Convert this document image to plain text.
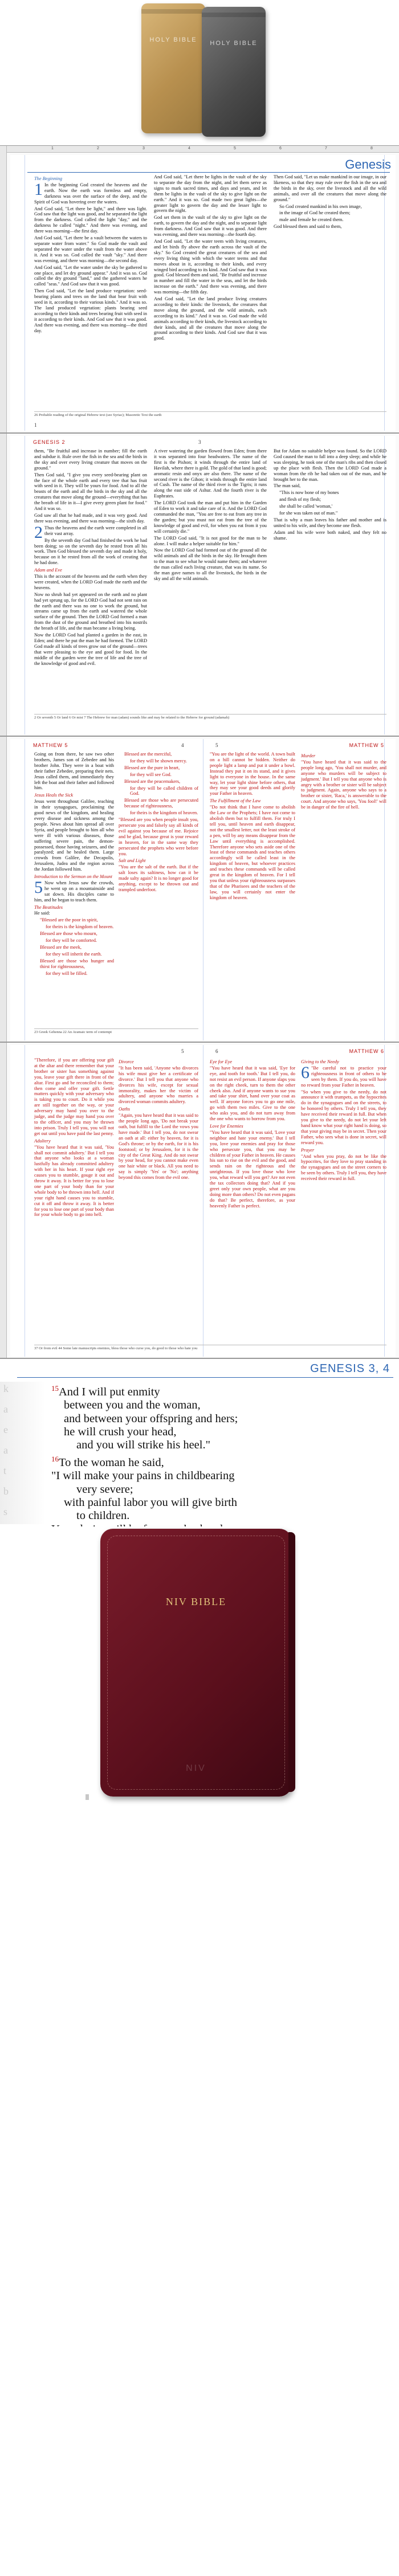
HOLY BIBLE	HOLY BIBLE
1	2	3	4	5	6	7	8
Genesis

The Beginning

1 In the beginning God created the heavens and the earth. Now the earth was formless and empty, darkness was over the surface of the deep, and the Spirit of God was hovering over the waters.

And God said, "Let there be light," and there was light. God saw that the light was good, and he separated the light from the darkness. God called the light "day," and the darkness he called "night." And there was evening, and there was morning—the first day.

And God said, "Let there be a vault between the waters to separate water from water." So God made the vault and separated the water under the vault from the water above it. And it was so. God called the vault "sky." And there was evening, and there was morning—the second day.

And God said, "Let the water under the sky be gathered to one place, and let dry ground appear." And it was so. God called the dry ground "land," and the gathered waters he called "seas." And God saw that it was good.

Then God said, "Let the land produce vegetation: seed-bearing plants and trees on the land that bear fruit with seed in it, according to their various kinds." And it was so. The land produced vegetation: plants bearing seed according to their kinds and trees bearing fruit with seed in it according to their kinds. And God saw that it was good. And there was evening, and there was morning—the third day.

And God said, "Let there be lights in the vault of the sky to separate the day from the night, and let them serve as signs to mark sacred times, and days and years, and let them be lights in the vault of the sky to give light on the earth." And it was so. God made two great lights—the greater light to govern the day and the lesser light to govern the night.

God set them in the vault of the sky to give light on the earth, to govern the day and the night, and to separate light from darkness. And God saw that it was good. And there was evening, and there was morning—the fourth day.

And God said, "Let the water teem with living creatures, and let birds fly above the earth across the vault of the sky." So God created the great creatures of the sea and every living thing with which the water teems and that moves about in it, according to their kinds, and every winged bird according to its kind. And God saw that it was good. God blessed them and said, "Be fruitful and increase in number and fill the water in the seas, and let the birds increase on the earth." And there was evening, and there was morning—the fifth day.

And God said, "Let the land produce living creatures according to their kinds: the livestock, the creatures that move along the ground, and the wild animals, each according to its kind." And it was so. God made the wild animals according to their kinds, the livestock according to their kinds, and all the creatures that move along the ground according to their kinds. And God saw that it was good.

Then God said, "Let us make mankind in our image, in our likeness, so that they may rule over the fish in the sea and the birds in the sky, over the livestock and all the wild animals, and over all the creatures that move along the ground."

So God created mankind in his own image,

in the image of God he created them;

male and female he created them.

God blessed them and said to them,

26 Probable reading of the original Hebrew text (see Syriac); Masoretic Text the earth
1
GENESIS 2	3

them, "Be fruitful and increase in number; fill the earth and subdue it. Rule over the fish in the sea and the birds in the sky and over every living creature that moves on the ground."

Then God said, "I give you every seed-bearing plant on the face of the whole earth and every tree that has fruit with seed in it. They will be yours for food. And to all the beasts of the earth and all the birds in the sky and all the creatures that move along the ground—everything that has the breath of life in it—I give every green plant for food." And it was so.

God saw all that he had made, and it was very good. And there was evening, and there was morning—the sixth day.

2 Thus the heavens and the earth were completed in all their vast array.

By the seventh day God had finished the work he had been doing; so on the seventh day he rested from all his work. Then God blessed the seventh day and made it holy, because on it he rested from all the work of creating that he had done.

Adam and Eve

This is the account of the heavens and the earth when they were created, when the LORD God made the earth and the heavens.

Now no shrub had yet appeared on the earth and no plant had yet sprung up, for the LORD God had not sent rain on the earth and there was no one to work the ground, but streams came up from the earth and watered the whole surface of the ground. Then the LORD God formed a man from the dust of the ground and breathed into his nostrils the breath of life, and the man became a living being.

Now the LORD God had planted a garden in the east, in Eden; and there he put the man he had formed. The LORD God made all kinds of trees grow out of the ground—trees that were pleasing to the eye and good for food. In the middle of the garden were the tree of life and the tree of the knowledge of good and evil.

A river watering the garden flowed from Eden; from there it was separated into four headwaters. The name of the first is the Pishon; it winds through the entire land of Havilah, where there is gold. The gold of that land is good; aromatic resin and onyx are also there. The name of the second river is the Gihon; it winds through the entire land of Cush. The name of the third river is the Tigris; it runs along the east side of Ashur. And the fourth river is the Euphrates.

The LORD God took the man and put him in the Garden of Eden to work it and take care of it. And the LORD God commanded the man, "You are free to eat from any tree in the garden; but you must not eat from the tree of the knowledge of good and evil, for when you eat from it you will certainly die."

The LORD God said, "It is not good for the man to be alone. I will make a helper suitable for him."

Now the LORD God had formed out of the ground all the wild animals and all the birds in the sky. He brought them to the man to see what he would name them; and whatever the man called each living creature, that was its name. So the man gave names to all the livestock, the birds in the sky and all the wild animals.

But for Adam no suitable helper was found. So the LORD God caused the man to fall into a deep sleep; and while he was sleeping, he took one of the man's ribs and then closed up the place with flesh. Then the LORD God made a woman from the rib he had taken out of the man, and he brought her to the man.

The man said,

"This is now bone of my bones

and flesh of my flesh;

she shall be called 'woman,'

for she was taken out of man."

That is why a man leaves his father and mother and is united to his wife, and they become one flesh.

Adam and his wife were both naked, and they felt no shame.

2 Or seventh 5 Or land 6 Or mist 7 The Hebrew for man (adam) sounds like and may be related to the Hebrew for ground (adamah)
MATTHEW 5	4

Going on from there, he saw two other brothers, James son of Zebedee and his brother John. They were in a boat with their father Zebedee, preparing their nets. Jesus called them, and immediately they left the boat and their father and followed him.

Jesus Heals the Sick

Jesus went throughout Galilee, teaching in their synagogues, proclaiming the good news of the kingdom, and healing every disease and sickness among the people. News about him spread all over Syria, and people brought to him all who were ill with various diseases, those suffering severe pain, the demon-possessed, those having seizures, and the paralyzed; and he healed them. Large crowds from Galilee, the Decapolis, Jerusalem, Judea and the region across the Jordan followed him.

Introduction to the Sermon on the Mount

5 Now when Jesus saw the crowds, he went up on a mountainside and sat down. His disciples came to him, and he began to teach them.

The Beatitudes

He said:

"Blessed are the poor in spirit,

for theirs is the kingdom of heaven.

Blessed are those who mourn,

for they will be comforted.

Blessed are the meek,

for they will inherit the earth.

Blessed are those who hunger and thirst for righteousness,

for they will be filled.

Blessed are the merciful,

for they will be shown mercy.

Blessed are the pure in heart,

for they will see God.

Blessed are the peacemakers,

for they will be called children of God.

Blessed are those who are persecuted because of righteousness,

for theirs is the kingdom of heaven.

"Blessed are you when people insult you, persecute you and falsely say all kinds of evil against you because of me. Rejoice and be glad, because great is your reward in heaven, for in the same way they persecuted the prophets who were before you.

Salt and Light

"You are the salt of the earth. But if the salt loses its saltiness, how can it be made salty again? It is no longer good for anything, except to be thrown out and trampled underfoot.

MATTHEW 5
5

"You are the light of the world. A town built on a hill cannot be hidden. Neither do people light a lamp and put it under a bowl. Instead they put it on its stand, and it gives light to everyone in the house. In the same way, let your light shine before others, that they may see your good deeds and glorify your Father in heaven.

The Fulfillment of the Law

"Do not think that I have come to abolish the Law or the Prophets; I have not come to abolish them but to fulfill them. For truly I tell you, until heaven and earth disappear, not the smallest letter, not the least stroke of a pen, will by any means disappear from the Law until everything is accomplished. Therefore anyone who sets aside one of the least of these commands and teaches others accordingly will be called least in the kingdom of heaven, but whoever practices and teaches these commands will be called great in the kingdom of heaven. For I tell you that unless your righteousness surpasses that of the Pharisees and the teachers of the law, you will certainly not enter the kingdom of heaven.

Murder

"You have heard that it was said to the people long ago, 'You shall not murder, and anyone who murders will be subject to judgment.' But I tell you that anyone who is angry with a brother or sister will be subject to judgment. Again, anyone who says to a brother or sister, 'Raca,' is answerable to the court. And anyone who says, 'You fool!' will be in danger of the fire of hell.

23 Greek Gehenna 22 An Aramaic term of contempt
5	MATTHEW 6
6

"Therefore, if you are offering your gift at the altar and there remember that your brother or sister has something against you, leave your gift there in front of the altar. First go and be reconciled to them; then come and offer your gift. Settle matters quickly with your adversary who is taking you to court. Do it while you are still together on the way, or your adversary may hand you over to the judge, and the judge may hand you over to the officer, and you may be thrown into prison. Truly I tell you, you will not get out until you have paid the last penny.

Adultery

"You have heard that it was said, 'You shall not commit adultery.' But I tell you that anyone who looks at a woman lustfully has already committed adultery with her in his heart. If your right eye causes you to stumble, gouge it out and throw it away. It is better for you to lose one part of your body than for your whole body to be thrown into hell. And if your right hand causes you to stumble, cut it off and throw it away. It is better for you to lose one part of your body than for your whole body to go into hell.

Divorce

"It has been said, 'Anyone who divorces his wife must give her a certificate of divorce.' But I tell you that anyone who divorces his wife, except for sexual immorality, makes her the victim of adultery, and anyone who marries a divorced woman commits adultery.

Oaths

"Again, you have heard that it was said to the people long ago, 'Do not break your oath, but fulfill to the Lord the vows you have made.' But I tell you, do not swear an oath at all: either by heaven, for it is God's throne; or by the earth, for it is his footstool; or by Jerusalem, for it is the city of the Great King. And do not swear by your head, for you cannot make even one hair white or black. All you need to say is simply 'Yes' or 'No'; anything beyond this comes from the evil one.

Eye for Eye

"You have heard that it was said, 'Eye for eye, and tooth for tooth.' But I tell you, do not resist an evil person. If anyone slaps you on the right cheek, turn to them the other cheek also. And if anyone wants to sue you and take your shirt, hand over your coat as well. If anyone forces you to go one mile, go with them two miles. Give to the one who asks you, and do not turn away from the one who wants to borrow from you.

Love for Enemies

"You have heard that it was said, 'Love your neighbor and hate your enemy.' But I tell you, love your enemies and pray for those who persecute you, that you may be children of your Father in heaven. He causes his sun to rise on the evil and the good, and sends rain on the righteous and the unrighteous. If you love those who love you, what reward will you get? Are not even the tax collectors doing that? And if you greet only your own people, what are you doing more than others? Do not even pagans do that? Be perfect, therefore, as your heavenly Father is perfect.

Giving to the Needy

6 "Be careful not to practice your righteousness in front of others to be seen by them. If you do, you will have no reward from your Father in heaven.

"So when you give to the needy, do not announce it with trumpets, as the hypocrites do in the synagogues and on the streets, to be honored by others. Truly I tell you, they have received their reward in full. But when you give to the needy, do not let your left hand know what your right hand is doing, so that your giving may be in secret. Then your Father, who sees what is done in secret, will reward you.

Prayer

"And when you pray, do not be like the hypocrites, for they love to pray standing in the synagogues and on the street corners to be seen by others. Truly I tell you, they have received their reward in full.

37 Or from evil 44 Some late manuscripts enemies, bless those who curse you, do good to those who hate you
k
a
e
a
t
b
s
GENESIS 3, 4
$^{15}$And I will put enmity
between you and the woman,
and between your offspring and hers;
he will crush your head,
and you will strike his heel."
$^{16}$To the woman he said,
"I will make your pains in childbearing
very severe;
with painful labor you will give birth
to children.
NIV BIBLE
NIV
